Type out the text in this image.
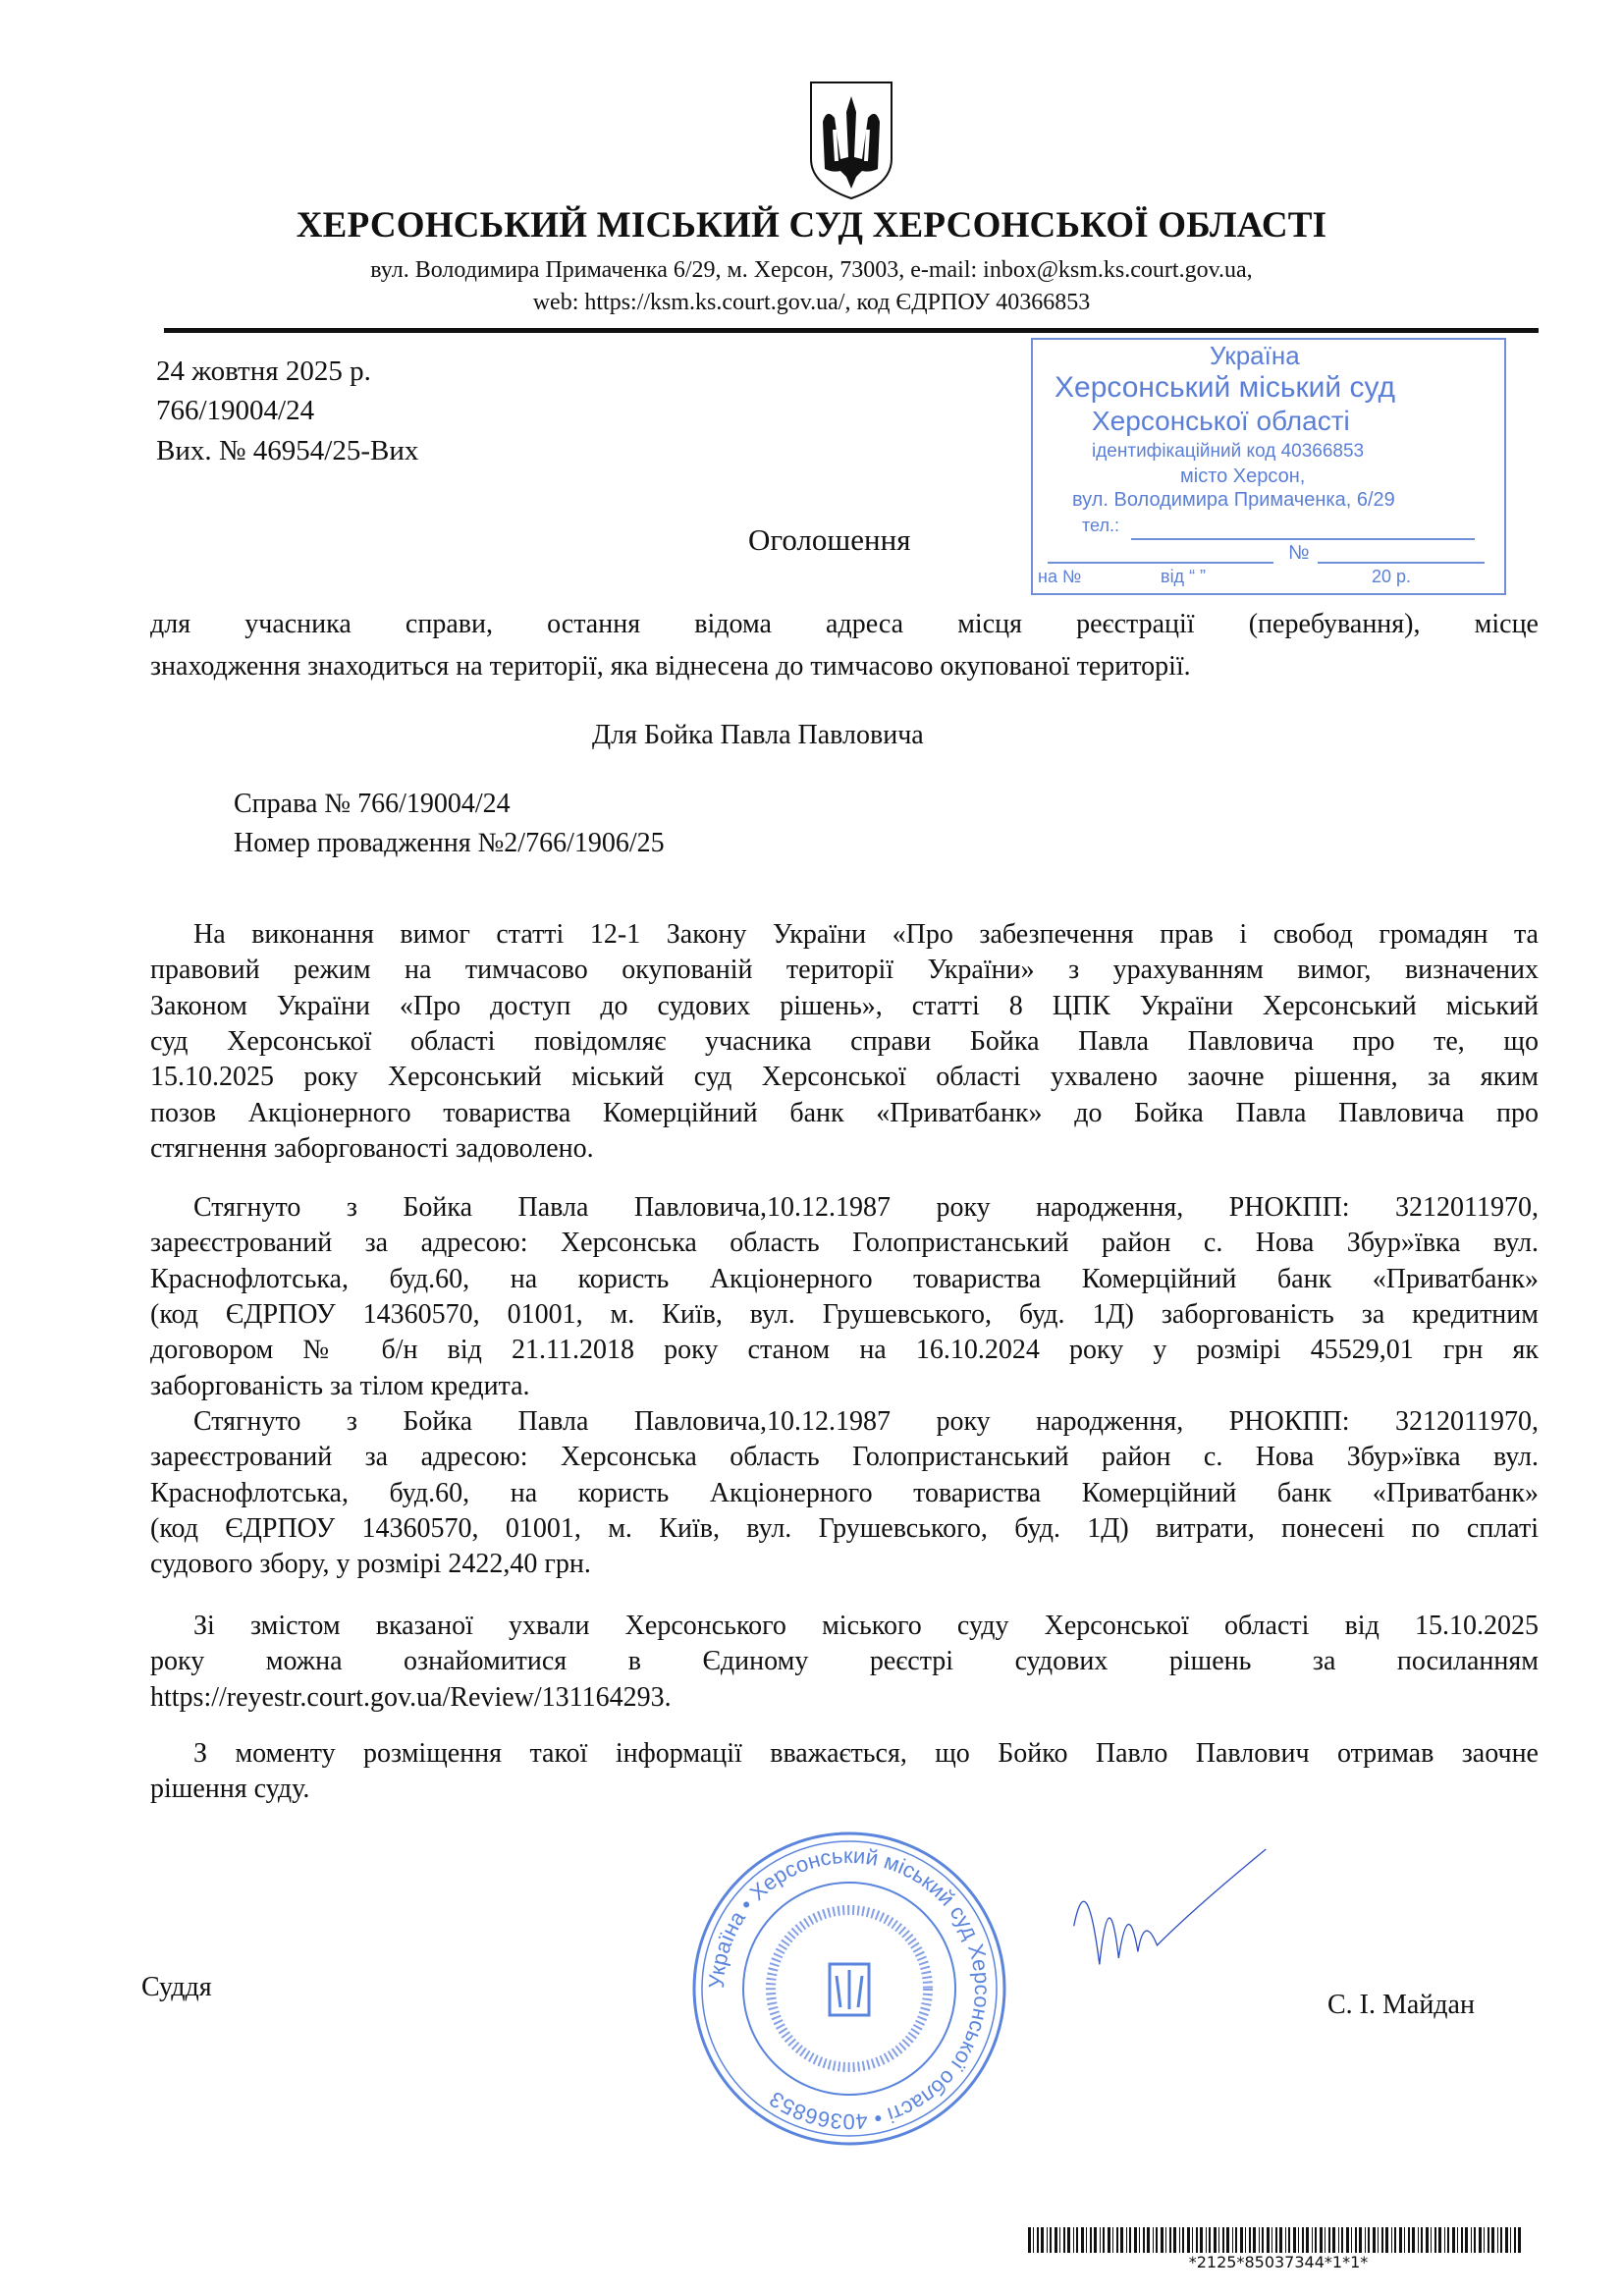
ХЕРСОНСЬКИЙ МІСЬКИЙ СУД ХЕРСОНСЬКОЇ ОБЛАСТІ
вул. Володимира Примаченка 6/29, м. Херсон, 73003, e-mail: inbox@ksm.ks.court.gov.ua,
web: https://ksm.ks.court.gov.ua/, код ЄДРПОУ 40366853
Україна
Херсонський міський суд
Херсонської області
ідентифікаційний код 40366853
місто Херсон,
вул. Володимира Примаченка, 6/29
тел.:
№
на №	від “ ”	20 р.
24 жовтня 2025 р.
766/19004/24
Вих. № 46954/25-Вих
Оголошення
для учасника справи, остання відома адреса місця реєстрації (перебування), місце
знаходження знаходиться на території, яка віднесена до тимчасово окупованої території.
Для Бойка Павла Павловича
Справа № 766/19004/24
Номер провадження №2/766/1906/25
На виконання вимог статті 12-1 Закону України «Про забезпечення прав і свобод громадян та
правовий режим на тимчасово окупованій території України» з урахуванням вимог, визначених
Законом України «Про доступ до судових рішень», статті 8 ЦПК України Херсонський міський
суд Херсонської області повідомляє учасника справи Бойка Павла Павловича про те, що
15.10.2025 року Херсонський міський суд Херсонської області ухвалено заочне рішення, за яким
позов Акціонерного товариства Комерційний банк «Приватбанк» до Бойка Павла Павловича про
стягнення заборгованості задоволено.
Стягнуто з Бойка Павла Павловича,10.12.1987 року народження, РНОКПП: 3212011970,
зареєстрований за адресою: Херсонська область Голопристанський район с. Нова Збур»ївка вул.
Краснофлотська, буд.60, на користь Акціонерного товариства Комерційний банк «Приватбанк»
(код ЄДРПОУ 14360570, 01001, м. Київ, вул. Грушевського, буд. 1Д) заборгованість за кредитним
договором № б/н від 21.11.2018 року станом на 16.10.2024 року у розмірі 45529,01 грн як
заборгованість за тілом кредита.
Стягнуто з Бойка Павла Павловича,10.12.1987 року народження, РНОКПП: 3212011970,
зареєстрований за адресою: Херсонська область Голопристанський район с. Нова Збур»ївка вул.
Краснофлотська, буд.60, на користь Акціонерного товариства Комерційний банк «Приватбанк»
(код ЄДРПОУ 14360570, 01001, м. Київ, вул. Грушевського, буд. 1Д) витрати, понесені по сплаті
судового збору, у розмірі 2422,40 грн.
Зі змістом вказаної ухвали Херсонського міського суду Херсонської області від 15.10.2025
року можна ознайомитися в Єдиному реєстрі судових рішень за посиланням
https://reyestr.court.gov.ua/Review/131164293.
З моменту розміщення такої інформації вважається, що Бойко Павло Павлович отримав заочне
рішення суду.
Україна • Херсонський міський суд Херсонської області • 40366853
Суддя
С. І. Майдан
*2125*85037344*1*1*
